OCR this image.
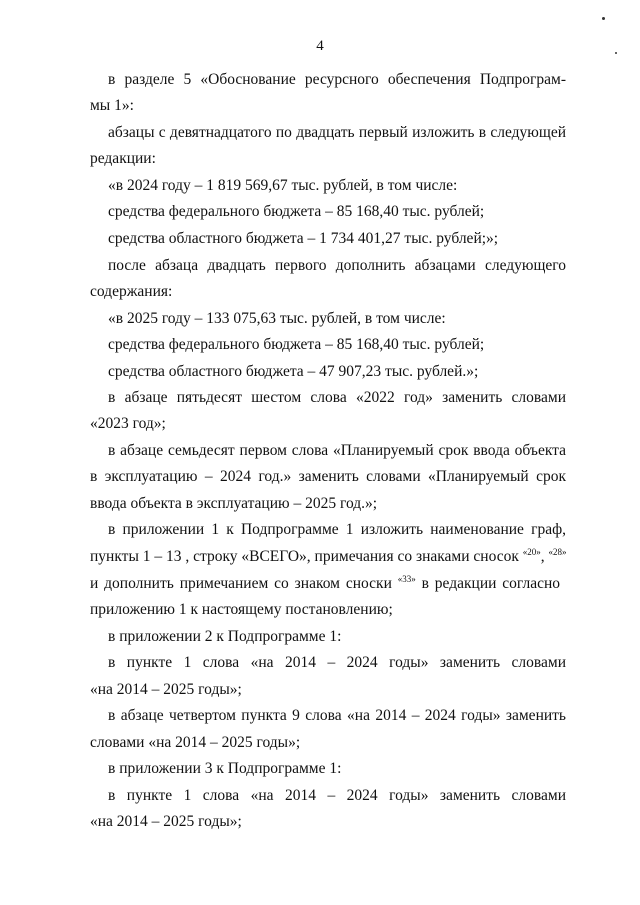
4
в разделе 5 «Обоснование ресурсного обеспечения Подпрограм-
мы 1»:
абзацы с девятнадцатого по двадцать первый изложить в следующей
редакции:
«в 2024 году – 1 819 569,67 тыс. рублей, в том числе:
средства федерального бюджета – 85 168,40 тыс. рублей;
средства областного бюджета – 1 734 401,27 тыс. рублей;»;
после абзаца двадцать первого дополнить абзацами следующего
содержания:
«в 2025 году – 133 075,63 тыс. рублей, в том числе:
средства федерального бюджета – 85 168,40 тыс. рублей;
средства областного бюджета – 47 907,23 тыс. рублей.»;
в абзаце пятьдесят шестом слова «2022 год» заменить словами
«2023 год»;
в абзаце семьдесят первом слова «Планируемый срок ввода объекта
в эксплуатацию – 2024 год.» заменить словами «Планируемый срок
ввода объекта в эксплуатацию – 2025 год.»;
в приложении 1 к Подпрограмме 1 изложить наименование граф,
пункты 1 – 13 , строку «ВСЕГО», примечания со знаками сносок $^{«20»}$, $^{«28»}$
и дополнить примечанием со знаком сноски $^{«33»}$ в редакции согласно
приложению 1 к настоящему постановлению;
в приложении 2 к Подпрограмме 1:
в пункте 1 слова «на 2014 – 2024 годы» заменить словами
«на 2014 – 2025 годы»;
в абзаце четвертом пункта 9 слова «на 2014 – 2024 годы» заменить
словами «на 2014 – 2025 годы»;
в приложении 3 к Подпрограмме 1:
в пункте 1 слова «на 2014 – 2024 годы» заменить словами
«на 2014 – 2025 годы»;
